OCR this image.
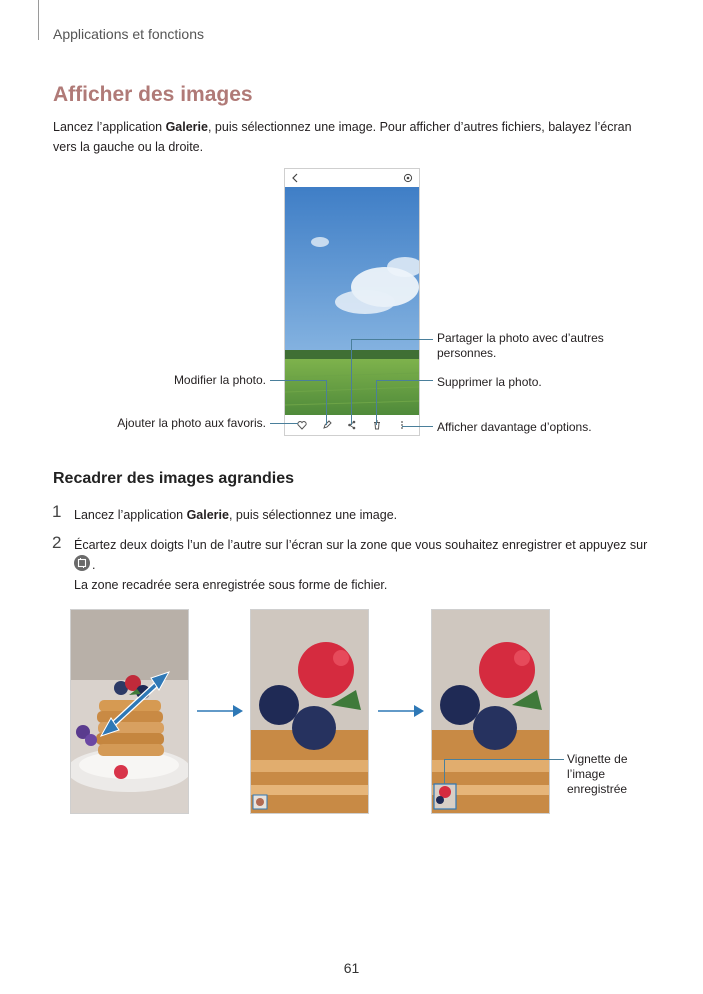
Applications et fonctions
Afficher des images
Lancez l’application Galerie, puis sélectionnez une image. Pour afficher d’autres fichiers, balayez l’écran vers la gauche ou la droite.
Partager la photo avec d’autres personnes.
Modifier la photo.	Supprimer la photo.
Ajouter la photo aux favoris.	Afficher davantage d’options.
Recadrer des images agrandies
1 Lancez l’application Galerie, puis sélectionnez une image.
2 Écartez deux doigts l’un de l’autre sur l’écran sur la zone que vous souhaitez enregistrer et appuyez sur
.
La zone recadrée sera enregistrée sous forme de fichier.
Vignette de l’image enregistrée
61
